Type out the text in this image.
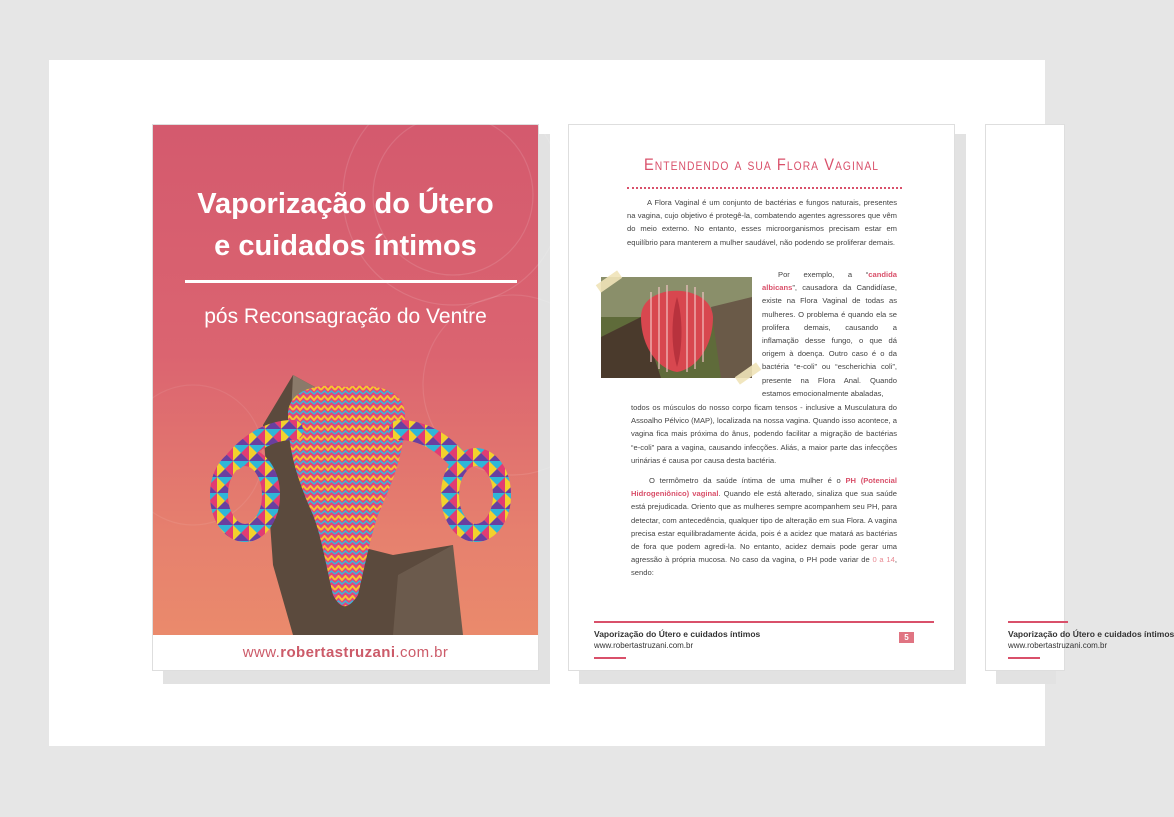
Vaporização do Útero
e cuidados íntimos
pós Reconsagração do Ventre
www.robertastruzani.com.br
Entendendo a sua Flora Vaginal

A Flora Vaginal é um conjunto de bactérias e fungos naturais, presentes na vagina, cujo objetivo é protegê-la, combatendo agentes agressores que vêm do meio externo. No entanto, esses microorganismos precisam estar em equilíbrio para manterem a mulher saudável, não podendo se proliferar demais.

Por exemplo, a “candida albicans”, causadora da Candidíase, existe na Flora Vaginal de todas as mulheres. O problema é quando ela se prolifera demais, causando a inflamação desse fungo, o que dá origem à doença. Outro caso é o da bactéria “e-coli” ou “escherichia coli”, presente na Flora Anal. Quando estamos emocionalmente abaladas,

todos os músculos do nosso corpo ficam tensos - inclusive a Musculatura do Assoalho Pélvico (MAP), localizada na nossa vagina. Quando isso acontece, a vagina fica mais próxima do ânus, podendo facilitar a migração de bactérias “e-coli” para a vagina, causando infecções. Aliás, a maior parte das infecções urinárias é causa por causa desta bactéria.

O termômetro da saúde íntima de uma mulher é o PH (Potencial Hidrogeniônico) vaginal. Quando ele está alterado, sinaliza que sua saúde está prejudicada. Oriento que as mulheres sempre acompanhem seu PH, para detectar, com antecedência, qualquer tipo de alteração em sua Flora. A vagina precisa estar equilibradamente ácida, pois é a acidez que matará as bactérias de fora que podem agredi-la. No entanto, acidez demais pode gerar uma agressão à própria mucosa. No caso da vagina, o PH pode variar de 0 a 14, sendo:

Vaporização do Útero e cuidados íntimos
www.robertastruzani.com.br
5	Vaporização do Útero e cuidados íntimos
www.robertastruzani.com.br
